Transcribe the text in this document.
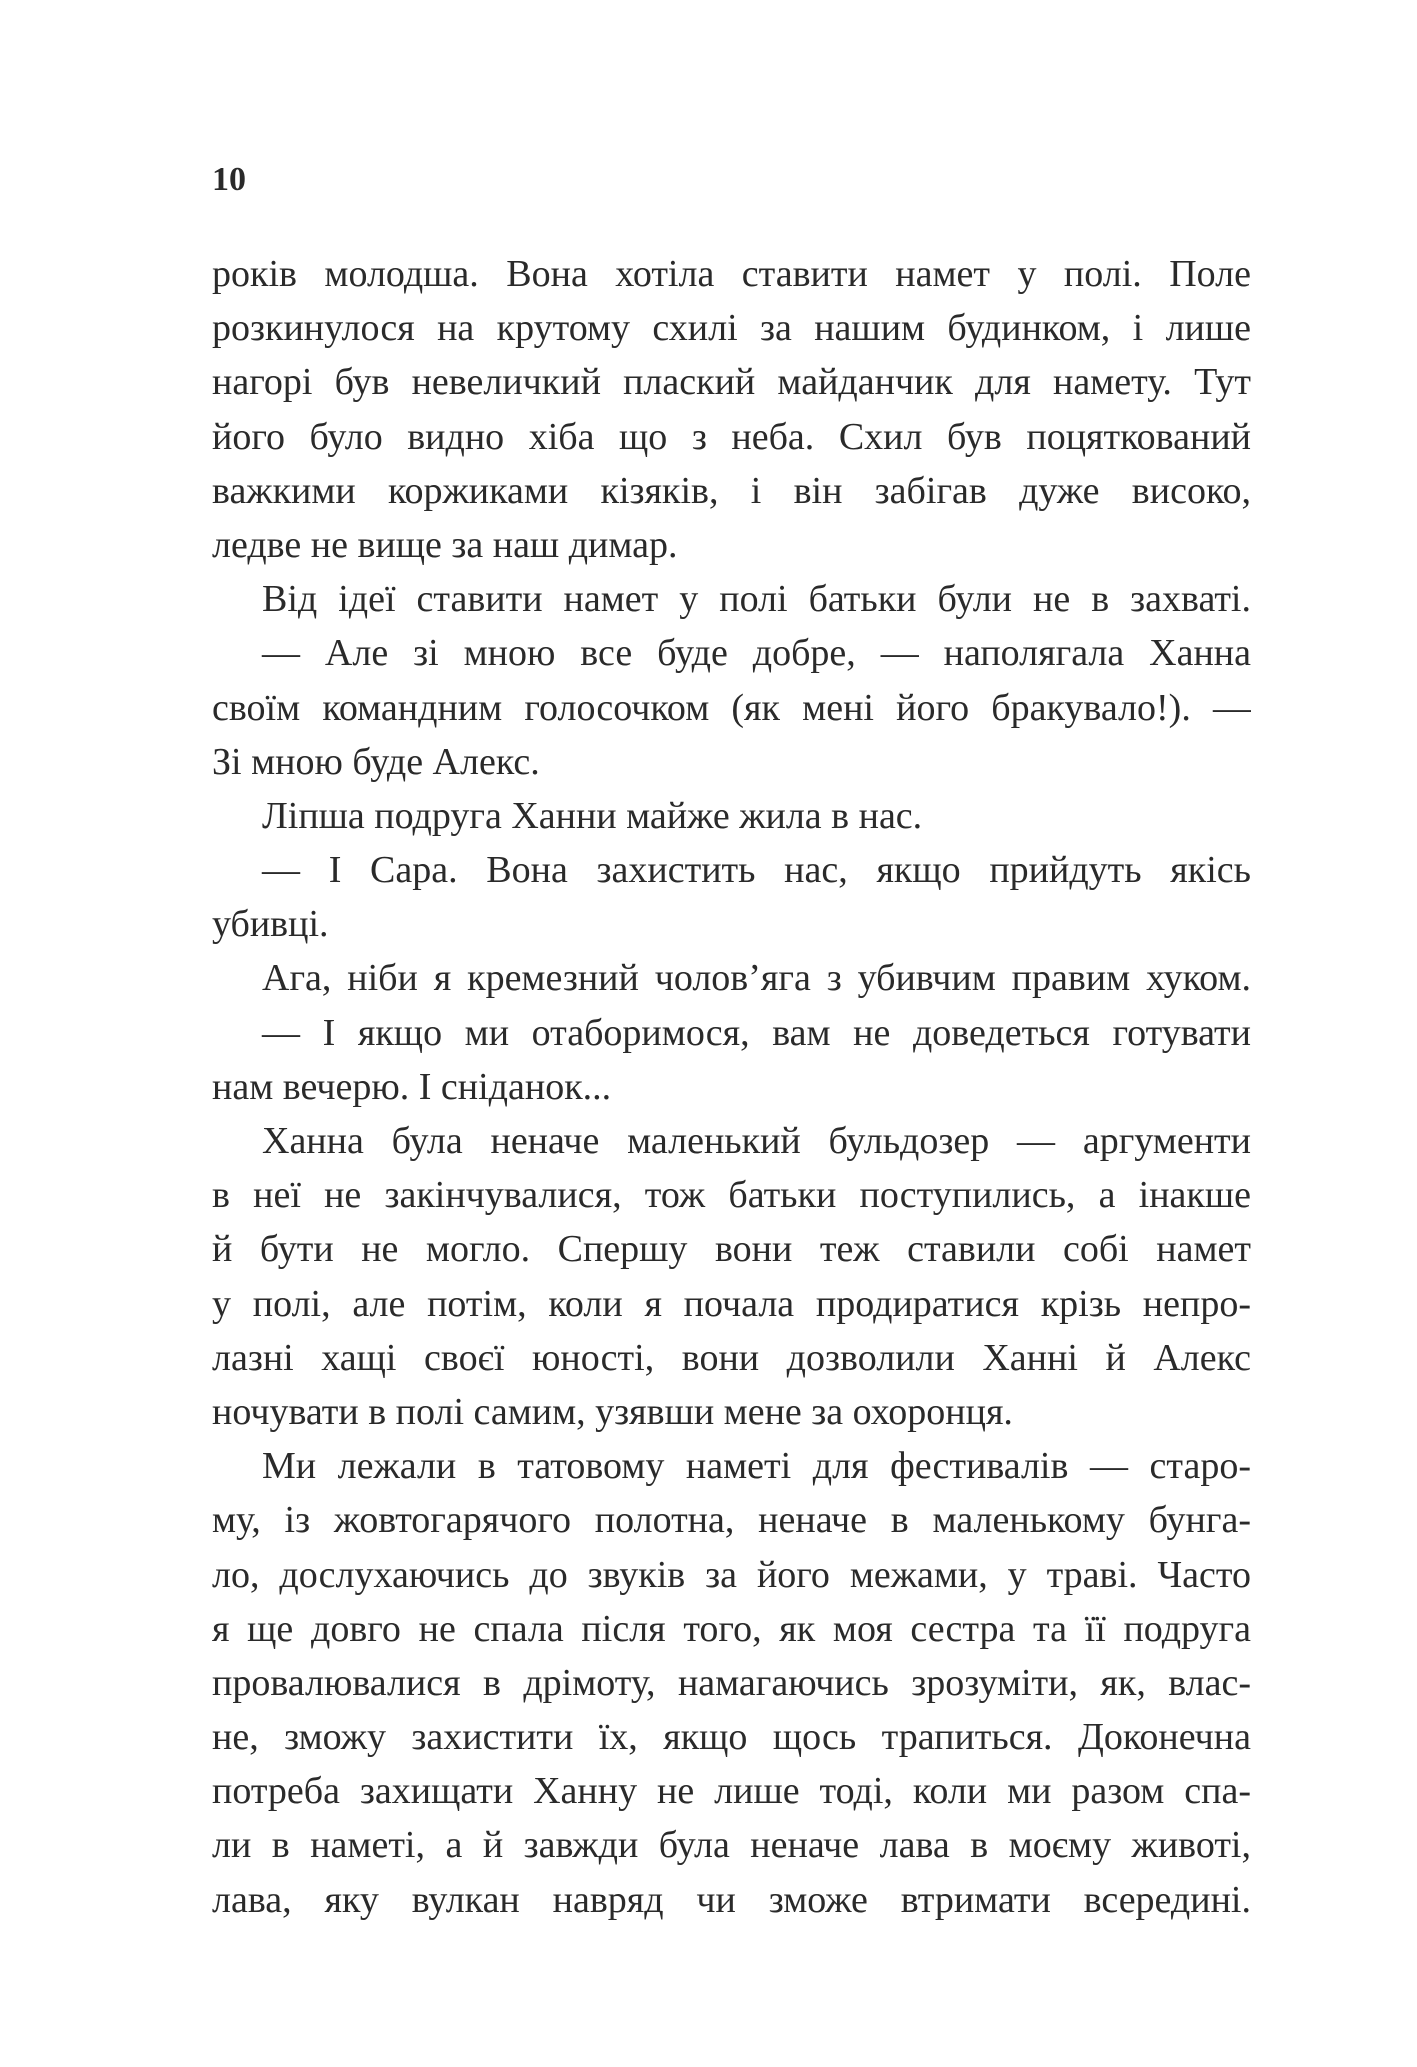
10
років молодша. Вона хотіла ставити намет у полі. Поле
розкинулося на крутому схилі за нашим будинком, і лише
нагорі був невеличкий плаский майданчик для намету. Тут
його було видно хіба що з неба. Схил був поцяткований
важкими коржиками кізяків, і він забігав дуже високо,
ледве не вище за наш димар.
Від ідеї ставити намет у полі батьки були не в захваті.
— Але зі мною все буде добре, — наполягала Ханна
своїм командним голосочком (як мені його бракувало!). —
Зі мною буде Алекс.
Ліпша подруга Ханни майже жила в нас.
— І Сара. Вона захистить нас, якщо прийдуть якісь
убивці.
Ага, ніби я кремезний чолов’яга з убивчим правим хуком.
— І якщо ми отаборимося, вам не доведеться готувати
нам вечерю. І сніданок...
Ханна була неначе маленький бульдозер — аргументи
в неї не закінчувалися, тож батьки поступились, а інакше
й бути не могло. Спершу вони теж ставили собі намет
у полі, але потім, коли я почала продиратися крізь непро-
лазні хащі своєї юності, вони дозволили Ханні й Алекс
ночувати в полі самим, узявши мене за охоронця.
Ми лежали в татовому наметі для фестивалів — старо-
му, із жовтогарячого полотна, неначе в маленькому бунга-
ло, дослухаючись до звуків за його межами, у траві. Часто
я ще довго не спала після того, як моя сестра та її подруга
провалювалися в дрімоту, намагаючись зрозуміти, як, влас-
не, зможу захистити їх, якщо щось трапиться. Доконечна
потреба захищати Ханну не лише тоді, коли ми разом спа-
ли в наметі, а й завжди була неначе лава в моєму животі,
лава, яку вулкан навряд чи зможе втримати всередині.
